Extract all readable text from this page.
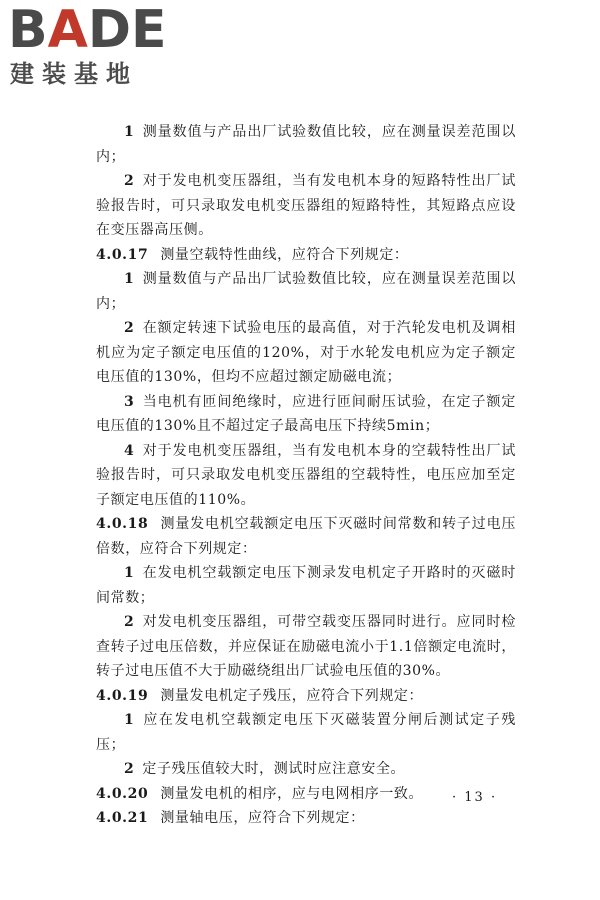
BADE
建装基地

1 测量数值与产品出厂试验数值比较，应在测量误差范围以内；

2 对于发电机变压器组，当有发电机本身的短路特性出厂试验报告时，可只录取发电机变压器组的短路特性，其短路点应设在变压器高压侧。

4.0.17 测量空载特性曲线，应符合下列规定：

1 测量数值与产品出厂试验数值比较，应在测量误差范围以内；

2 在额定转速下试验电压的最高值，对于汽轮发电机及调相机应为定子额定电压值的120%，对于水轮发电机应为定子额定电压值的130%，但均不应超过额定励磁电流；

3 当电机有匝间绝缘时，应进行匝间耐压试验，在定子额定电压值的130%且不超过定子最高电压下持续5min；

4 对于发电机变压器组，当有发电机本身的空载特性出厂试验报告时，可只录取发电机变压器组的空载特性，电压应加至定子额定电压值的110%。

4.0.18 测量发电机空载额定电压下灭磁时间常数和转子过电压倍数，应符合下列规定：

1 在发电机空载额定电压下测录发电机定子开路时的灭磁时间常数；

2 对发电机变压器组，可带空载变压器同时进行。应同时检查转子过电压倍数，并应保证在励磁电流小于1.1倍额定电流时，转子过电压值不大于励磁绕组出厂试验电压值的30%。

4.0.19 测量发电机定子残压，应符合下列规定：

1 应在发电机空载额定电压下灭磁装置分闸后测试定子残压；

2 定子残压值较大时，测试时应注意安全。

4.0.20 测量发电机的相序，应与电网相序一致。

4.0.21 测量轴电压，应符合下列规定：

· 13 ·
